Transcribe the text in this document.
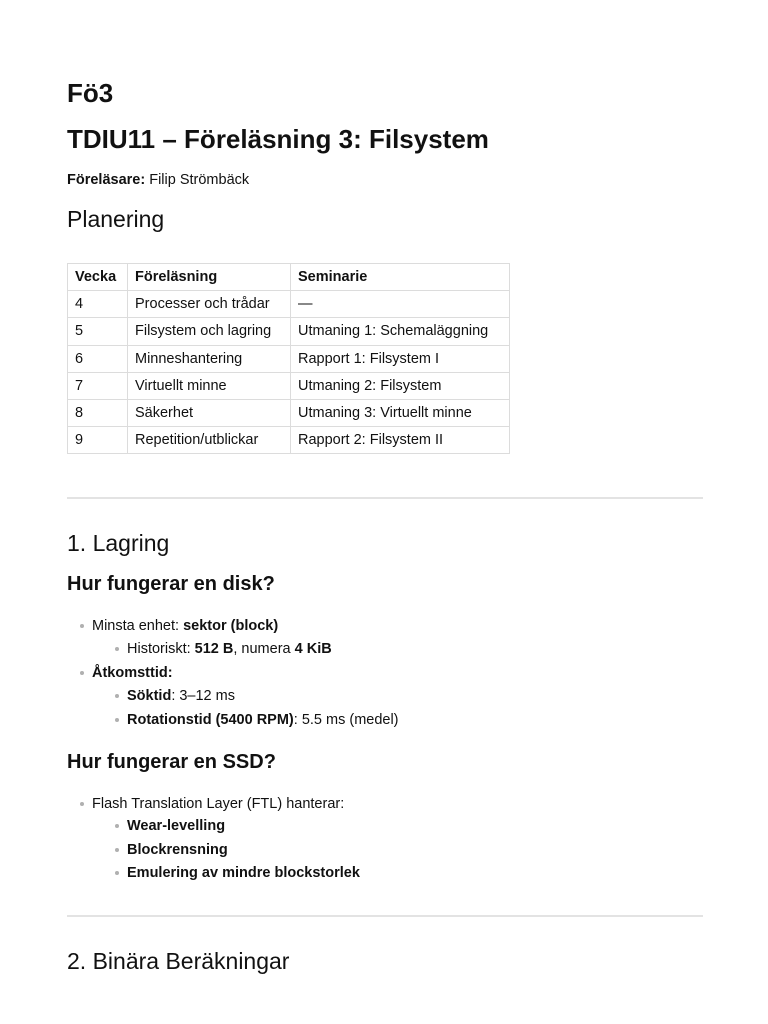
Fö3
TDIU11 – Föreläsning 3: Filsystem
Föreläsare: Filip Strömbäck
Planering
Vecka	Föreläsning	Seminarie
4	Processer och trådar	—
5	Filsystem och lagring	Utmaning 1: Schemaläggning
6	Minneshantering	Rapport 1: Filsystem I
7	Virtuellt minne	Utmaning 2: Filsystem
8	Säkerhet	Utmaning 3: Virtuellt minne
9	Repetition/utblickar	Rapport 2: Filsystem II
1. Lagring
Hur fungerar en disk?
Minsta enhet: sektor (block)
Historiskt: 512 B, numera 4 KiB
Åtkomsttid:
Söktid: 3–12 ms
Rotationstid (5400 RPM): 5.5 ms (medel)
Hur fungerar en SSD?
Flash Translation Layer (FTL) hanterar:
Wear-levelling
Blockrensning
Emulering av mindre blockstorlek
2. Binära Beräkningar
